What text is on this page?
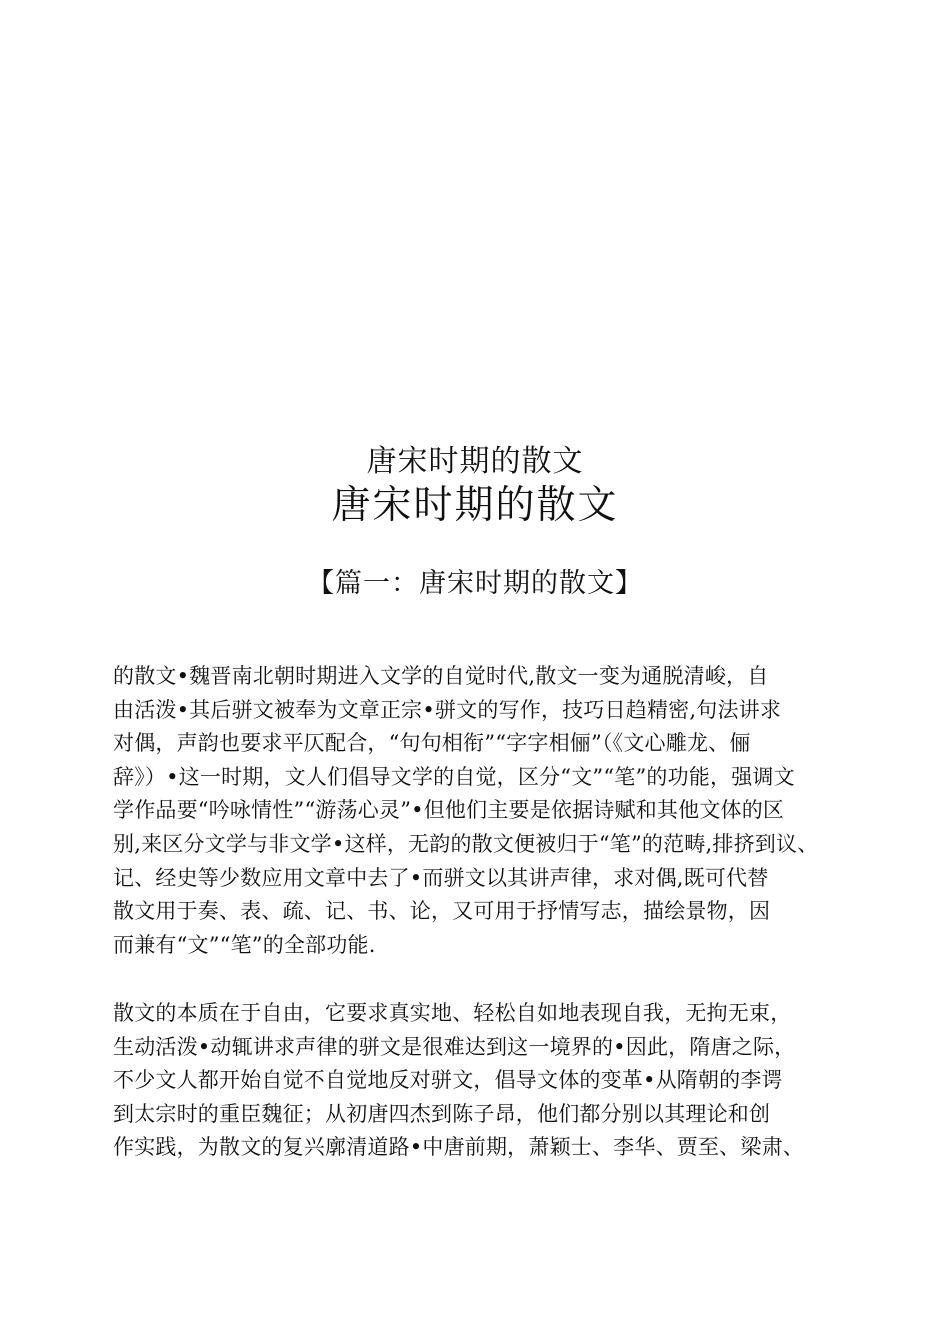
唐宋时期的散文
唐宋时期的散文
【篇一：唐宋时期的散文】
的散文•魏晋南北朝时期进入文学的自觉时代,散文一变为通脱清峻，自
由活泼•其后骈文被奉为文章正宗•骈文的写作，技巧日趋精密,句法讲求
对偶，声韵也要求平仄配合，“句句相衔”“字字相俪”（《文心雕龙、俪
辞》）•这一时期，文人们倡导文学的自觉，区分“文”“笔”的功能，强调文
学作品要“吟咏情性”“游荡心灵”•但他们主要是依据诗赋和其他文体的区
别,来区分文学与非文学•这样，无韵的散文便被归于“笔”的范畴,排挤到议、
记、经史等少数应用文章中去了•而骈文以其讲声律，求对偶,既可代替
散文用于奏、表、疏、记、书、论，又可用于抒情写志，描绘景物，因
而兼有“文”“笔”的全部功能.
散文的本质在于自由，它要求真实地、轻松自如地表现自我，无拘无束，
生动活泼•动辄讲求声律的骈文是很难达到这一境界的•因此，隋唐之际，
不少文人都开始自觉不自觉地反对骈文，倡导文体的变革•从隋朝的李谔
到太宗时的重臣魏征；从初唐四杰到陈子昂，他们都分别以其理论和创
作实践，为散文的复兴廓清道路•中唐前期，萧颖士、李华、贾至、梁肃、
